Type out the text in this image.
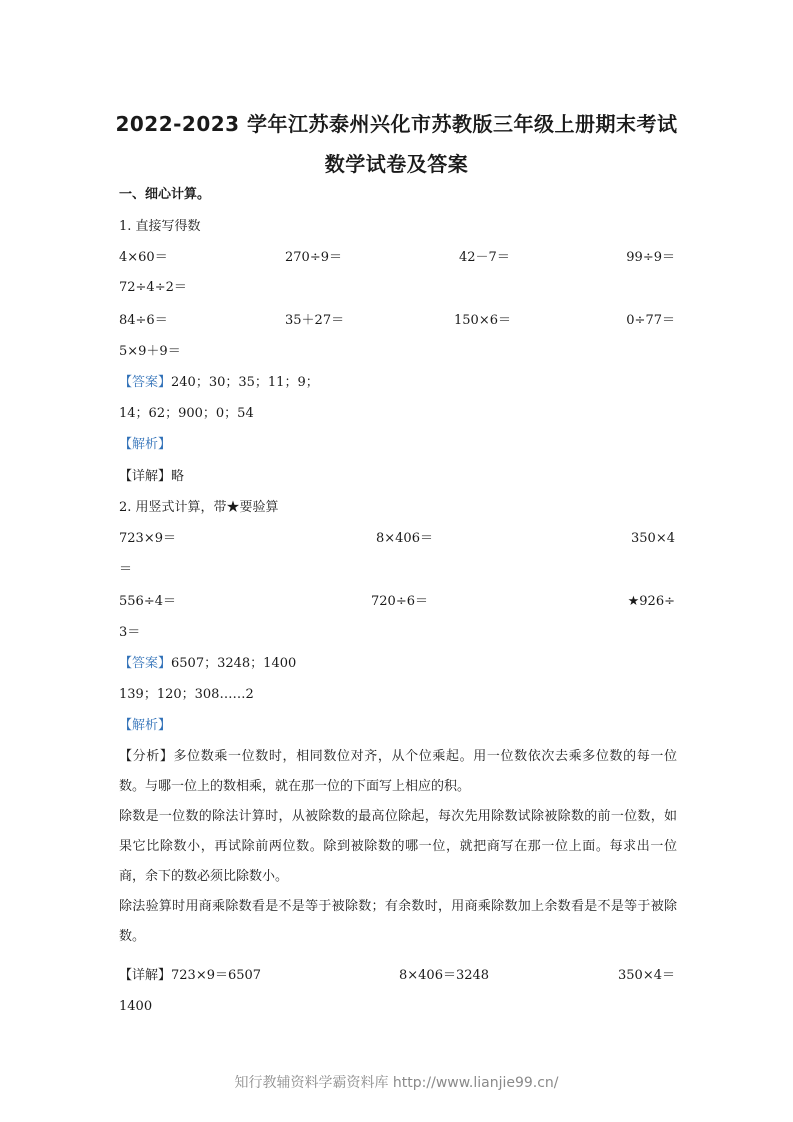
2022-2023 学年江苏泰州兴化市苏教版三年级上册期末考试
数学试卷及答案
一、细心计算。
1. 直接写得数
4×60＝	270÷9＝	42－7＝	99÷9＝
72÷4÷2＝
84÷6＝	35＋27＝	150×6＝	0÷77＝
5×9＋9＝
【答案】240；30；35；11；9；
14；62；900；0；54
【解析】
【详解】略
2. 用竖式计算，带★要验算
723×9＝	8×406＝	350×4
＝
556÷4＝	720÷6＝	★926÷
3＝
【答案】6507；3248；1400
139；120；308……2
【解析】

【分析】多位数乘一位数时，相同数位对齐，从个位乘起。用一位数依次去乘多位数的每一位数。与哪一位上的数相乘，就在那一位的下面写上相应的积。

除数是一位数的除法计算时，从被除数的最高位除起，每次先用除数试除被除数的前一位数，如果它比除数小，再试除前两位数。除到被除数的哪一位，就把商写在那一位上面。每求出一位商，余下的数必须比除数小。

除法验算时用商乘除数看是不是等于被除数；有余数时，用商乘除数加上余数看是不是等于被除数。

【详解】723×9＝6507	8×406＝3248	350×4＝
1400
知行教辅资料学霸资料库 http://www.lianjie99.cn/
